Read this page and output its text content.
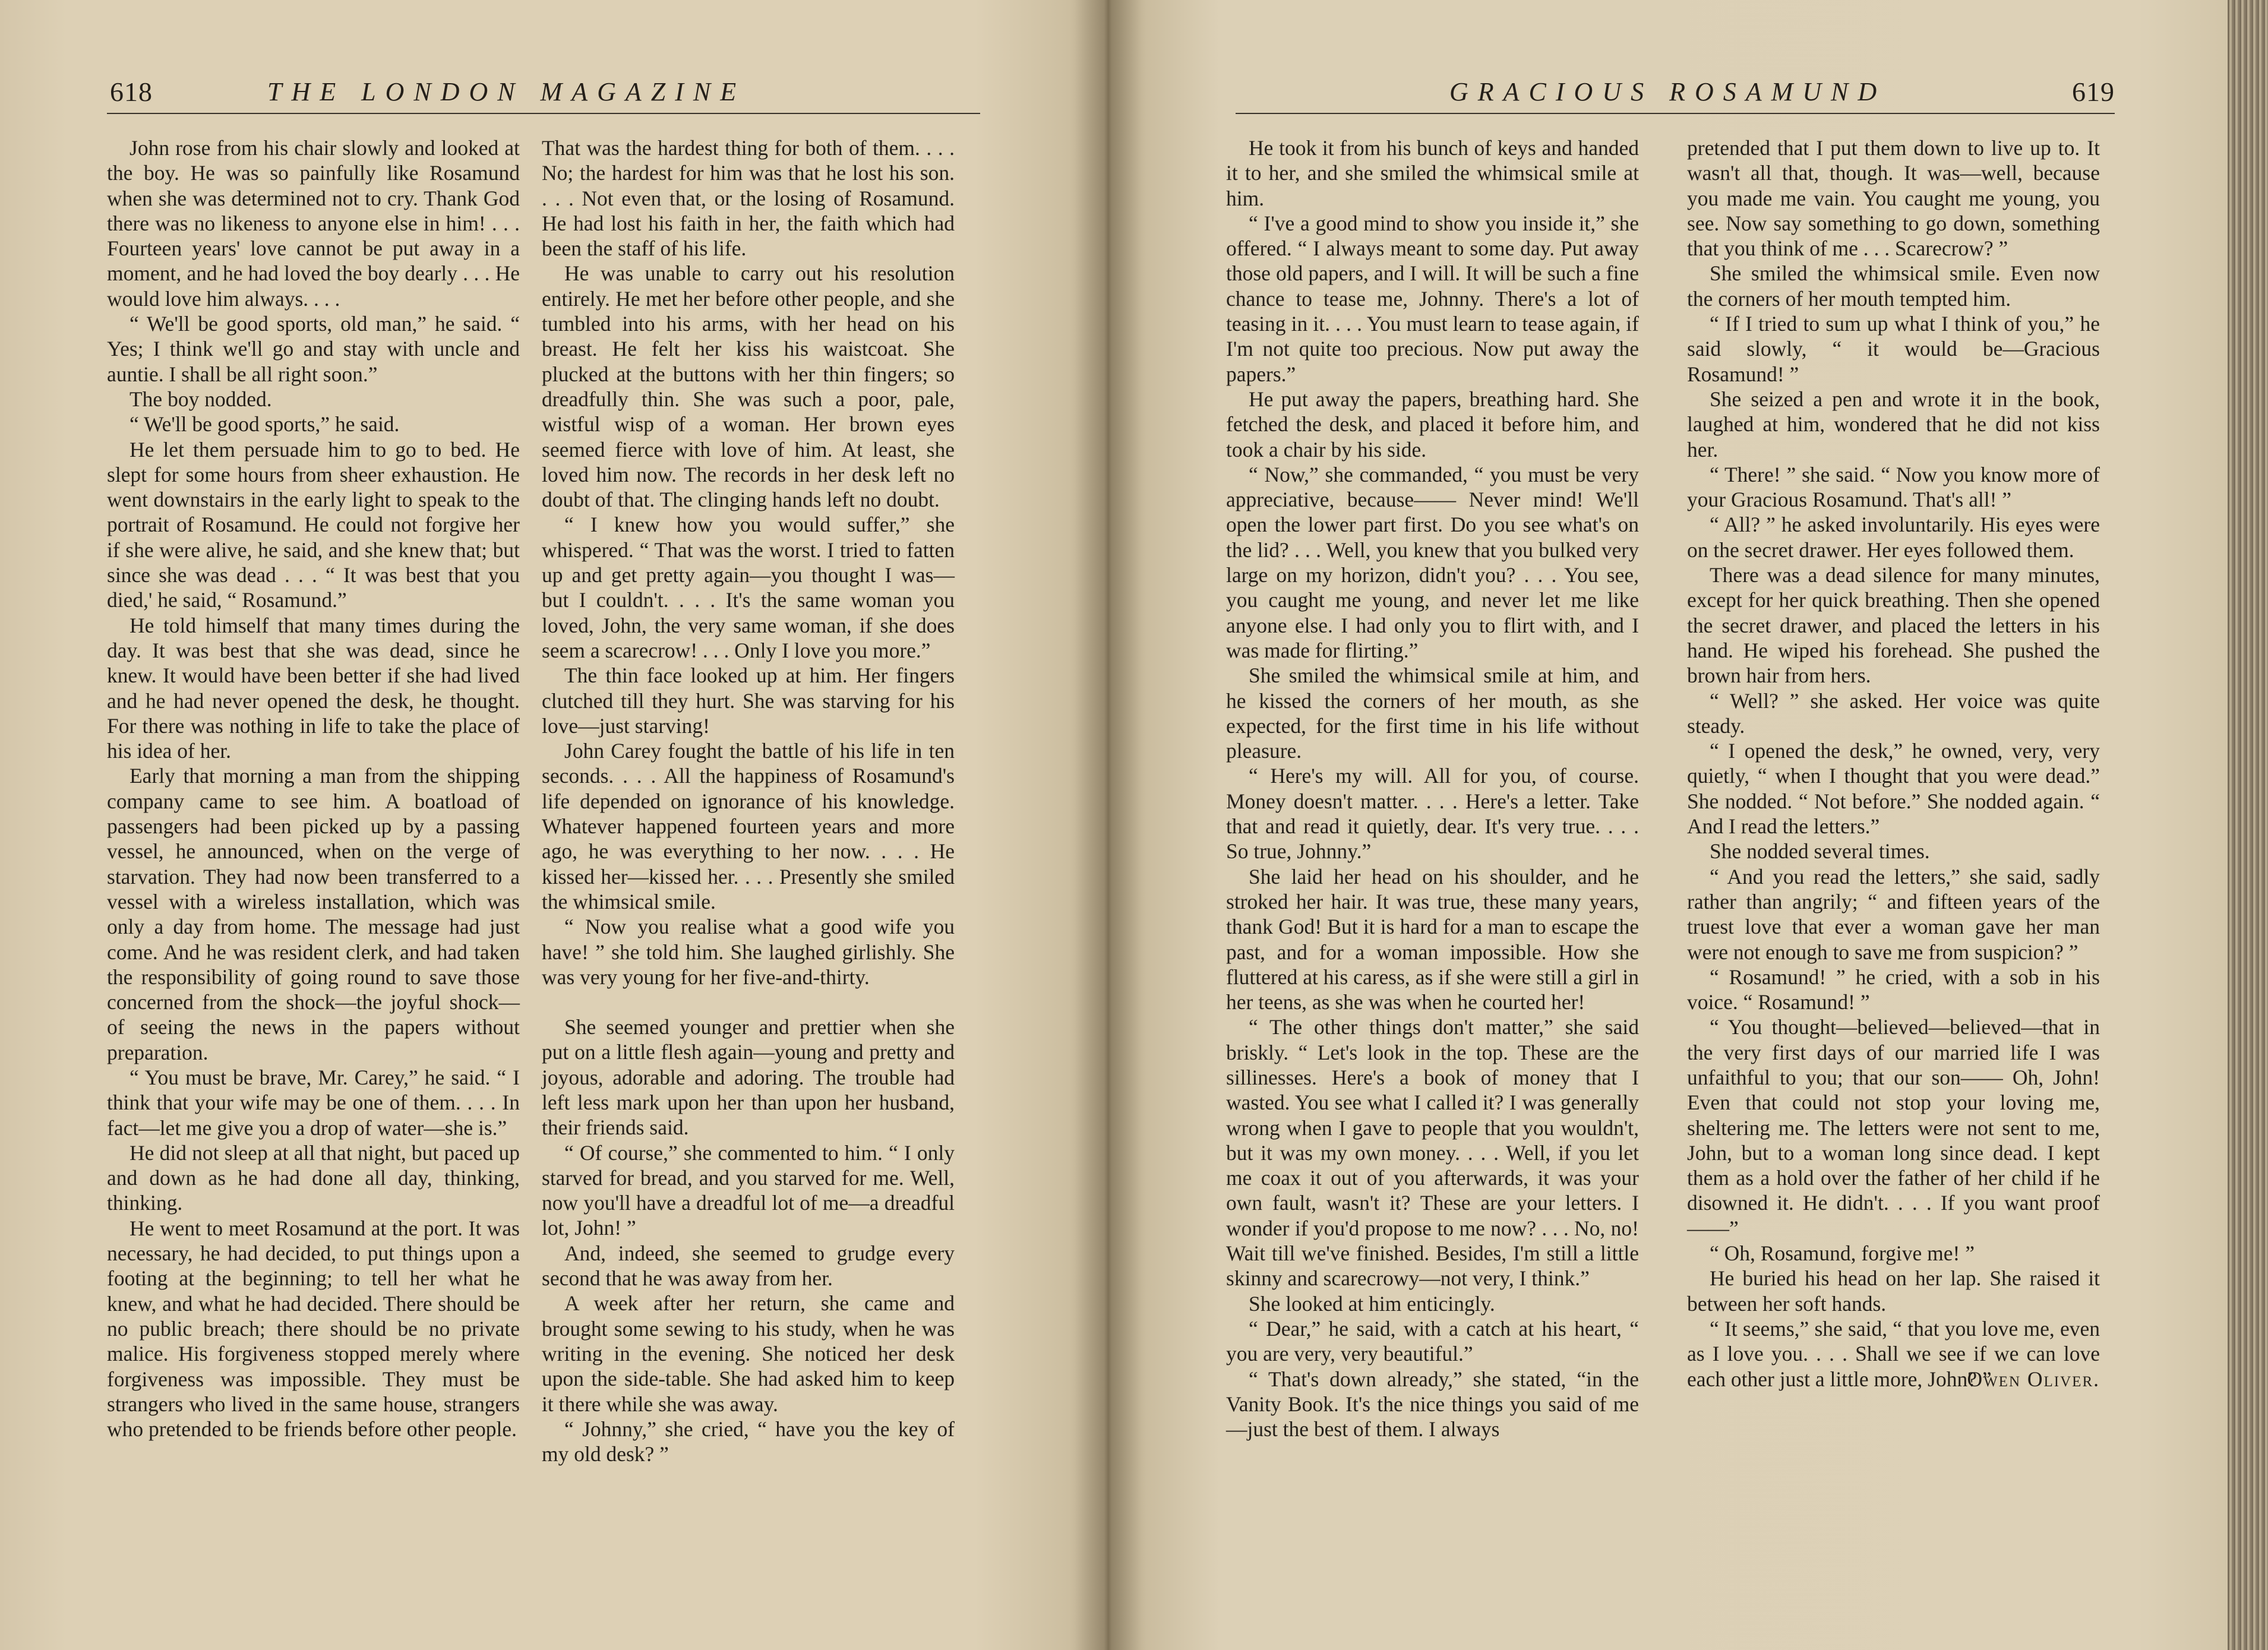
618	THE LONDON MAGAZINE

John rose from his chair slowly and looked at the boy. He was so painfully like Rosamund when she was determined not to cry. Thank God there was no likeness to anyone else in him! . . . Fourteen years' love cannot be put away in a moment, and he had loved the boy dearly . . . He would love him always. . . .

“ We'll be good sports, old man,” he said. “ Yes; I think we'll go and stay with uncle and auntie. I shall be all right soon.”

The boy nodded.

“ We'll be good sports,” he said.

He let them persuade him to go to bed. He slept for some hours from sheer exhaustion. He went downstairs in the early light to speak to the portrait of Rosamund. He could not forgive her if she were alive, he said, and she knew that; but since she was dead . . . “ It was best that you died,' he said, “ Rosamund.”

He told himself that many times during the day. It was best that she was dead, since he knew. It would have been better if she had lived and he had never opened the desk, he thought. For there was nothing in life to take the place of his idea of her.

Early that morning a man from the shipping company came to see him. A boatload of passengers had been picked up by a passing vessel, he announced, when on the verge of starvation. They had now been transferred to a vessel with a wireless installation, which was only a day from home. The message had just come. And he was resident clerk, and had taken the responsibility of going round to save those concerned from the shock—the joyful shock—of seeing the news in the papers without preparation.

“ You must be brave, Mr. Carey,” he said. “ I think that your wife may be one of them. . . . In fact—let me give you a drop of water—she is.”

He did not sleep at all that night, but paced up and down as he had done all day, thinking, thinking.

He went to meet Rosamund at the port. It was necessary, he had decided, to put things upon a footing at the beginning; to tell her what he knew, and what he had decided. There should be no public breach; there should be no private malice. His forgiveness stopped merely where forgiveness was impossible. They must be strangers who lived in the same house, strangers who pretended to be friends before other people.

That was the hardest thing for both of them. . . . No; the hardest for him was that he lost his son. . . . Not even that, or the losing of Rosamund. He had lost his faith in her, the faith which had been the staff of his life.

He was unable to carry out his resolution entirely. He met her before other people, and she tumbled into his arms, with her head on his breast. He felt her kiss his waistcoat. She plucked at the buttons with her thin fingers; so dreadfully thin. She was such a poor, pale, wistful wisp of a woman. Her brown eyes seemed fierce with love of him. At least, she loved him now. The records in her desk left no doubt of that. The clinging hands left no doubt.

“ I knew how you would suffer,” she whispered. “ That was the worst. I tried to fatten up and get pretty again—you thought I was—but I couldn't. . . . It's the same woman you loved, John, the very same woman, if she does seem a scarecrow! . . . Only I love you more.”

The thin face looked up at him. Her fingers clutched till they hurt. She was starving for his love—just starving!

John Carey fought the battle of his life in ten seconds. . . . All the happiness of Rosamund's life depended on ignorance of his knowledge. Whatever happened fourteen years and more ago, he was everything to her now. . . . He kissed her—kissed her. . . . Presently she smiled the whimsical smile.

“ Now you realise what a good wife you have! ” she told him. She laughed girlishly. She was very young for her five-and-thirty.

She seemed younger and prettier when she put on a little flesh again—young and pretty and joyous, adorable and adoring. The trouble had left less mark upon her than upon her husband, their friends said.

“ Of course,” she commented to him. “ I only starved for bread, and you starved for me. Well, now you'll have a dreadful lot of me—a dreadful lot, John! ”

And, indeed, she seemed to grudge every second that he was away from her.

A week after her return, she came and brought some sewing to his study, when he was writing in the evening. She noticed her desk upon the side-table. She had asked him to keep it there while she was away.

“ Johnny,” she cried, “ have you the key of my old desk? ”

GRACIOUS ROSAMUND	619

He took it from his bunch of keys and handed it to her, and she smiled the whimsical smile at him.

“ I've a good mind to show you inside it,” she offered. “ I always meant to some day. Put away those old papers, and I will. It will be such a fine chance to tease me, Johnny. There's a lot of teasing in it. . . . You must learn to tease again, if I'm not quite too precious. Now put away the papers.”

He put away the papers, breathing hard. She fetched the desk, and placed it before him, and took a chair by his side.

“ Now,” she commanded, “ you must be very appreciative, because—— Never mind! We'll open the lower part first. Do you see what's on the lid? . . . Well, you knew that you bulked very large on my horizon, didn't you? . . . You see, you caught me young, and never let me like anyone else. I had only you to flirt with, and I was made for flirting.”

She smiled the whimsical smile at him, and he kissed the corners of her mouth, as she expected, for the first time in his life without pleasure.

“ Here's my will. All for you, of course. Money doesn't matter. . . . Here's a letter. Take that and read it quietly, dear. It's very true. . . . So true, Johnny.”

She laid her head on his shoulder, and he stroked her hair. It was true, these many years, thank God! But it is hard for a man to escape the past, and for a woman impossible. How she fluttered at his caress, as if she were still a girl in her teens, as she was when he courted her!

“ The other things don't matter,” she said briskly. “ Let's look in the top. These are the sillinesses. Here's a book of money that I wasted. You see what I called it? I was generally wrong when I gave to people that you wouldn't, but it was my own money. . . . Well, if you let me coax it out of you afterwards, it was your own fault, wasn't it? These are your letters. I wonder if you'd propose to me now? . . . No, no! Wait till we've finished. Besides, I'm still a little skinny and scarecrowy—not very, I think.”

She looked at him enticingly.

“ Dear,” he said, with a catch at his heart, “ you are very, very beautiful.”

“ That's down already,” she stated, “in the Vanity Book. It's the nice things you said of me—just the best of them. I always

pretended that I put them down to live up to. It wasn't all that, though. It was—well, because you made me vain. You caught me young, you see. Now say something to go down, something that you think of me . . . Scarecrow? ”

She smiled the whimsical smile. Even now the corners of her mouth tempted him.

“ If I tried to sum up what I think of you,” he said slowly, “ it would be—Gracious Rosamund! ”

She seized a pen and wrote it in the book, laughed at him, wondered that he did not kiss her.

“ There! ” she said. “ Now you know more of your Gracious Rosamund. That's all! ”

“ All? ” he asked involuntarily. His eyes were on the secret drawer. Her eyes followed them.

There was a dead silence for many minutes, except for her quick breathing. Then she opened the secret drawer, and placed the letters in his hand. He wiped his forehead. She pushed the brown hair from hers.

“ Well? ” she asked. Her voice was quite steady.

“ I opened the desk,” he owned, very, very quietly, “ when I thought that you were dead.” She nodded. “ Not before.” She nodded again. “ And I read the letters.”

She nodded several times.

“ And you read the letters,” she said, sadly rather than angrily; “ and fifteen years of the truest love that ever a woman gave her man were not enough to save me from suspicion? ”

“ Rosamund! ” he cried, with a sob in his voice. “ Rosamund! ”

“ You thought—believed—believed—that in the very first days of our married life I was unfaithful to you; that our son—— Oh, John! Even that could not stop your loving me, sheltering me. The letters were not sent to me, John, but to a woman long since dead. I kept them as a hold over the father of her child if he disowned it. He didn't. . . . If you want proof——”

“ Oh, Rosamund, forgive me! ”

He buried his head on her lap. She raised it between her soft hands.

“ It seems,” she said, “ that you love me, even as I love you. . . . Shall we see if we can love each other just a little more, John? ”

Owen Oliver.
